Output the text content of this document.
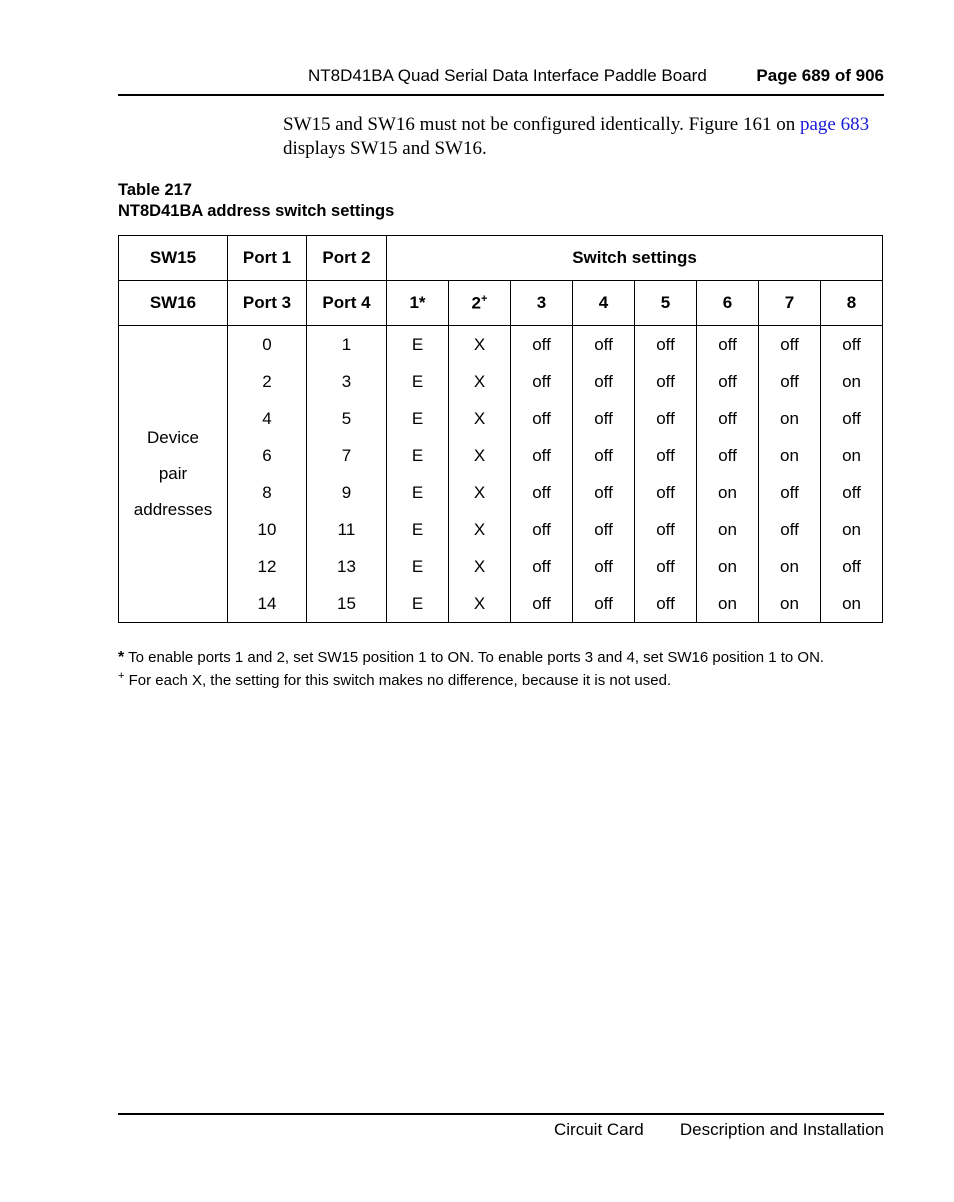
NT8D41BA Quad Serial Data Interface Paddle Board	Page 689 of 906
SW15 and SW16 must not be configured identically. Figure 161 on page 683
displays SW15 and SW16.
Table 217
NT8D41BA address switch settings
SW15	Port 1	Port 2	Switch settings							
SW16	Port 3	Port 4	1*	2+	3	4	5	6	7	8

Device
pair
addresses	0	1	E	X	off	off	off	off	off	off
	2	3	E	X	off	off	off	off	off	on
	4	5	E	X	off	off	off	off	on	off
	6	7	E	X	off	off	off	off	on	on
	8	9	E	X	off	off	off	on	off	off
	10	11	E	X	off	off	off	on	off	on
	12	13	E	X	off	off	off	on	on	off
	14	15	E	X	off	off	off	on	on	on
* To enable ports 1 and 2, set SW15 position 1 to ON. To enable ports 3 and 4, set SW16 position 1 to ON.
+ For each X, the setting for this switch makes no difference, because it is not used.
Circuit Card Description and Installation
